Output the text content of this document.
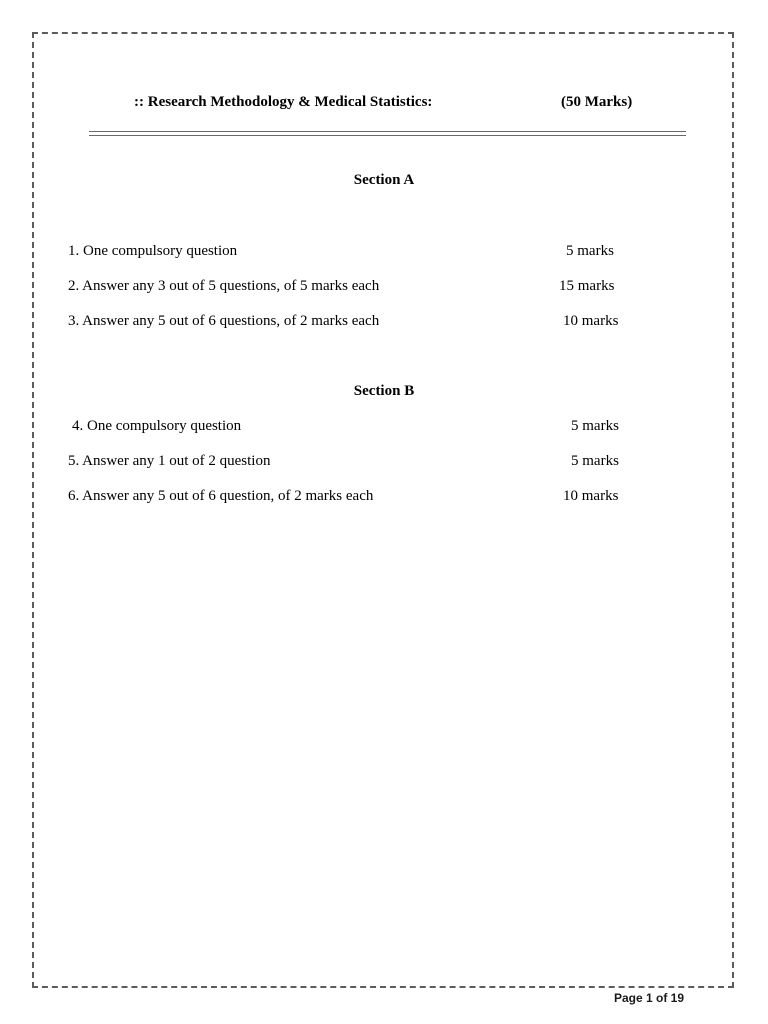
:: Research Methodology & Medical Statistics:	(50 Marks)
Section A
1. One compulsory question	5 marks
2. Answer any 3 out of 5 questions, of 5 marks each	15 marks
3. Answer any 5 out of 6 questions, of 2 marks each	10 marks
Section B
4. One compulsory question	5 marks
5. Answer any 1 out of 2 question	5 marks
6. Answer any 5 out of 6 question, of 2 marks each	10 marks
Page 1 of 19
